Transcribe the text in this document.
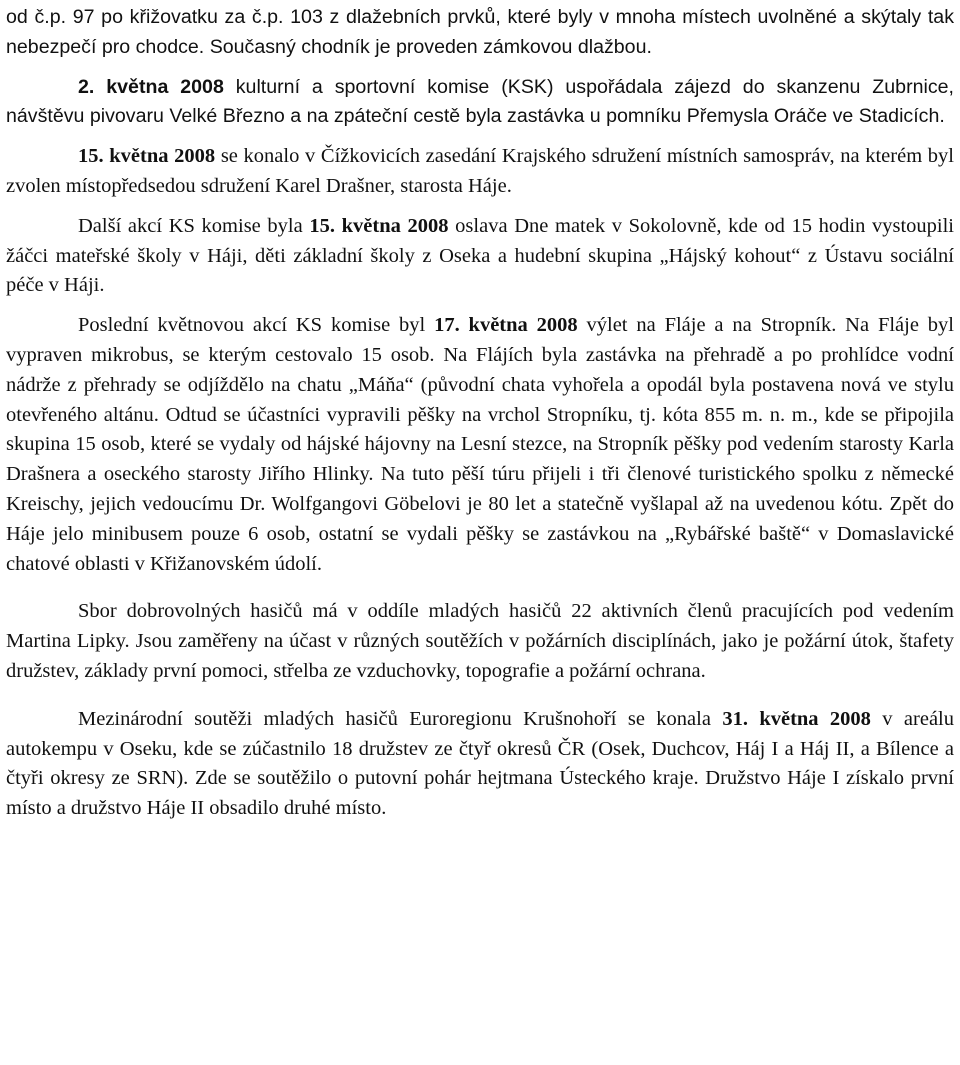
od č.p. 97 po křižovatku za č.p. 103 z dlažebních prvků, které byly v mnoha místech uvolněné a skýtaly tak nebezpečí pro chodce. Současný chodník je proveden zámkovou dlažbou.

2. května 2008 kulturní a sportovní komise (KSK) uspořádala zájezd do skanzenu Zubrnice, návštěvu pivovaru Velké Březno a na zpáteční cestě byla zastávka u pomníku Přemysla Oráče ve Stadicích.

15. května 2008 se konalo v Čížkovicích zasedání Krajského sdružení místních samospráv, na kterém byl zvolen místopředsedou sdružení Karel Drašner, starosta Háje.

Další akcí KS komise byla 15. května 2008 oslava Dne matek v Sokolovně, kde od 15 hodin vystoupili žáčci mateřské školy v Háji, děti základní školy z Oseka a hudební skupina „Hájský kohout“ z Ústavu sociální péče v Háji.

Poslední květnovou akcí KS komise byl 17. května 2008 výlet na Fláje a na Stropník. Na Fláje byl vypraven mikrobus, se kterým cestovalo 15 osob. Na Flájích byla zastávka na přehradě a po prohlídce vodní nádrže z přehrady se odjíždělo na chatu „Máňa“ (původní chata vyhořela a opodál byla postavena nová ve stylu otevřeného altánu. Odtud se účastníci vypravili pěšky na vrchol Stropníku, tj. kóta 855 m. n. m., kde se připojila skupina 15 osob, které se vydaly od hájské hájovny na Lesní stezce, na Stropník pěšky pod vedením starosty Karla Drašnera a oseckého starosty Jiřího Hlinky. Na tuto pěší túru přijeli i tři členové turistického spolku z německé Kreischy, jejich vedoucímu Dr. Wolfgangovi Göbelovi je 80 let a statečně vyšlapal až na uvedenou kótu. Zpět do Háje jelo minibusem pouze 6 osob, ostatní se vydali pěšky se zastávkou na „Rybářské baště“ v Domaslavické chatové oblasti v Křižanovském údolí.

Sbor dobrovolných hasičů má v oddíle mladých hasičů 22 aktivních členů pracujících pod vedením Martina Lipky. Jsou zaměřeny na účast v různých soutěžích v požárních disciplínách, jako je požární útok, štafety družstev, základy první pomoci, střelba ze vzduchovky, topografie a požární ochrana.

Mezinárodní soutěži mladých hasičů Euroregionu Krušnohoří se konala 31. května 2008 v areálu autokempu v Oseku, kde se zúčastnilo 18 družstev ze čtyř okresů ČR (Osek, Duchcov, Háj I a Háj II, a Bílence a čtyři okresy ze SRN). Zde se soutěžilo o putovní pohár hejtmana Ústeckého kraje. Družstvo Háje I získalo první místo a družstvo Háje II obsadilo druhé místo.
